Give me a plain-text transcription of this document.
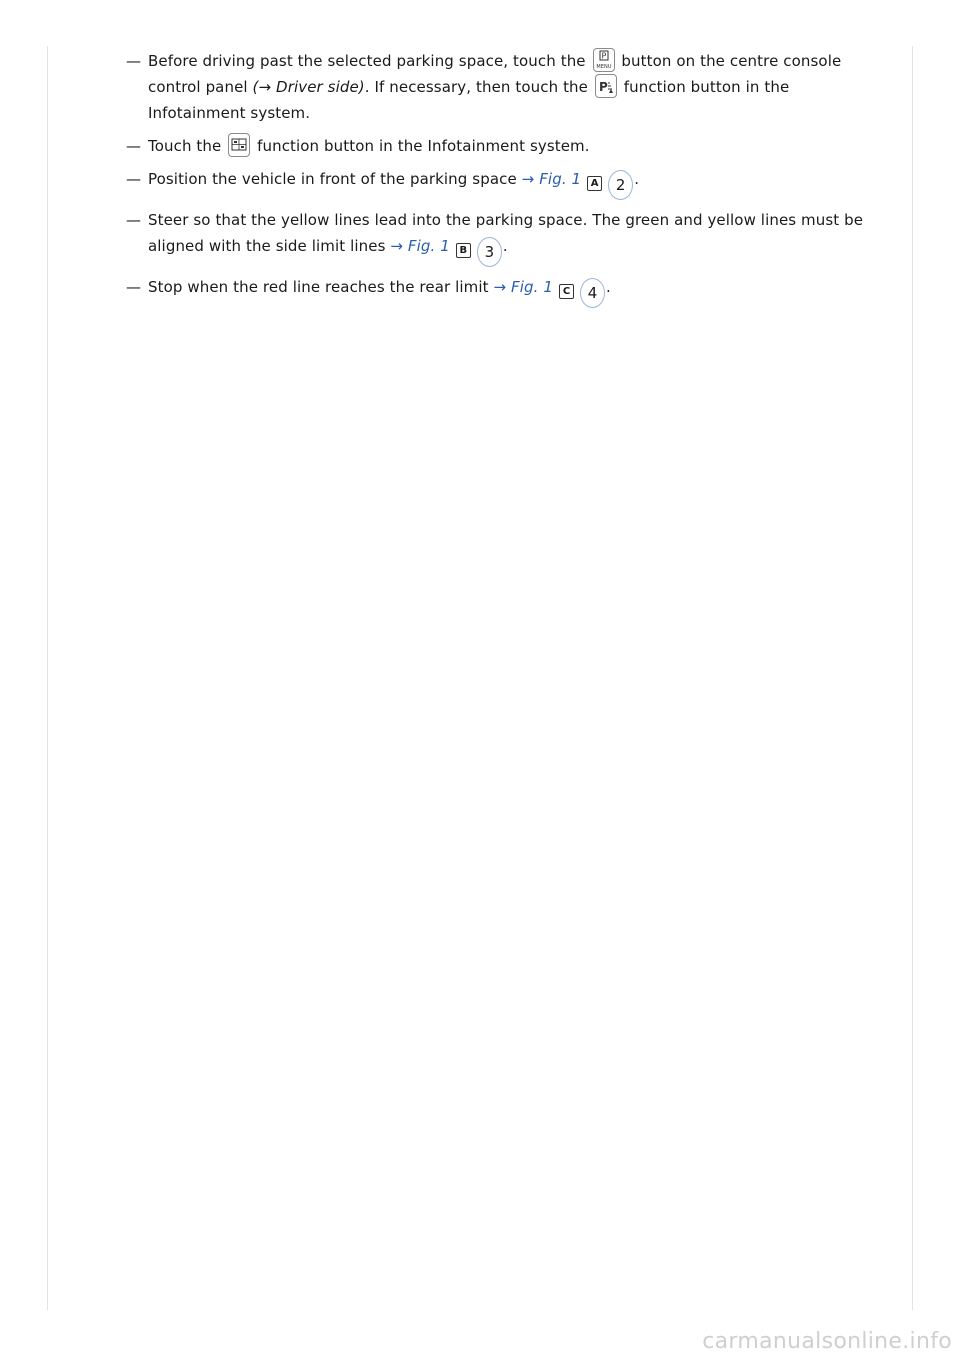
— Before driving past the selected parking space, touch the P
MENU button on the centre console control panel (→ Driver side). If necessary, then touch the P function button in the Infotainment system.
— Touch the
function button in the Infotainment system.
— Position the vehicle in front of the parking space → Fig. 1 A 2 .
— Steer so that the yellow lines lead into the parking space. The green and yellow lines must be aligned with the side limit lines → Fig. 1 B 3 .
— Stop when the red line reaches the rear limit → Fig. 1 C 4 .
carmanualsonline.info
